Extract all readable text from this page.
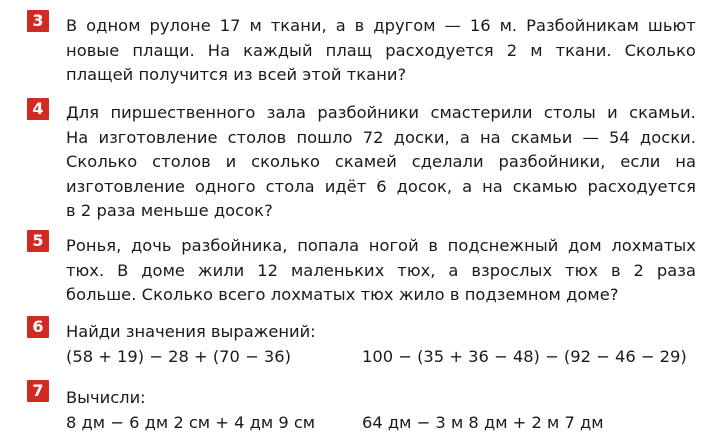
3	В одном рулоне 17 м ткани, а в другом — 16 м. Разбойникам шьют
новые плащи. На каждый плащ расходуется 2 м ткани. Сколько
плащей получится из всей этой ткани?
4	Для пиршественного зала разбойники смастерили столы и скамьи.
На изготовление столов пошло 72 доски, а на скамьи — 54 доски.
Сколько столов и сколько скамей сделали разбойники, если на
изготовление одного стола идёт 6 досок, а на скамью расходуется
в 2 раза меньше досок?
5	Ронья, дочь разбойника, попала ногой в подснежный дом лохматых
тюх. В доме жили 12 маленьких тюх, а взрослых тюх в 2 раза
больше. Сколько всего лохматых тюх жило в подземном доме?
6	Найди значения выражений:
(58 + 19) − 28 + (70 − 36)	100 − (35 + 36 − 48) − (92 − 46 − 29)
7	Вычисли:
8 дм − 6 дм 2 см + 4 дм 9 см	64 дм − 3 м 8 дм + 2 м 7 дм
